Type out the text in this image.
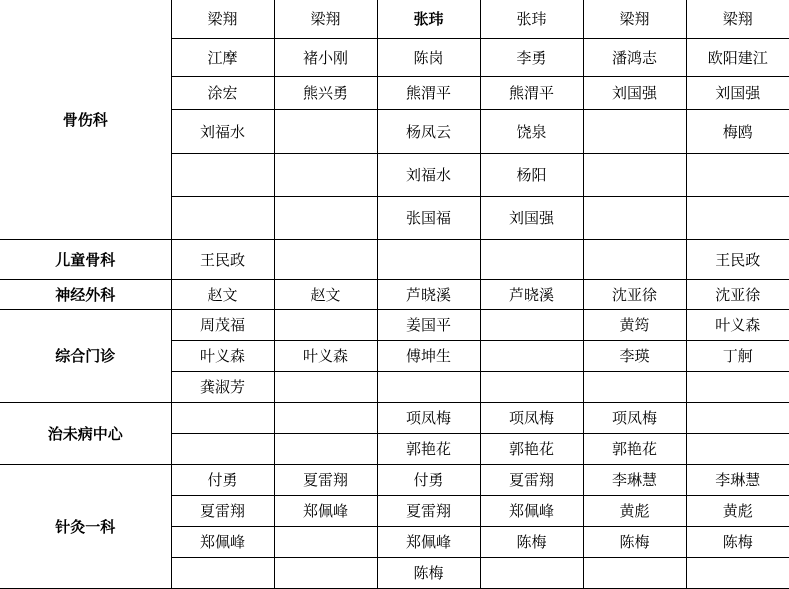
骨伤科	梁翔	梁翔	张玮	张玮	梁翔	梁翔
	江摩	褚小刚	陈岗	李勇	潘鸿志	欧阳建江
	涂宏	熊兴勇	熊渭平	熊渭平	刘国强	刘国强
	刘福水		杨凤云	饶泉		梅鸥
			刘福水	杨阳		
			张国福	刘国强		
儿童骨科	王民政					王民政
神经外科	赵文	赵文	芦晓溪	芦晓溪	沈亚徐	沈亚徐
综合门诊	周茂福		姜国平		黄筠	叶义森
	叶义森	叶义森	傅坤生		李瑛	丁舸
	龚淑芳					
治未病中心			项凤梅	项凤梅	项凤梅	
			郭艳花	郭艳花	郭艳花	
针灸一科	付勇	夏雷翔	付勇	夏雷翔	李琳慧	李琳慧
	夏雷翔	郑佩峰	夏雷翔	郑佩峰	黄彪	黄彪
	郑佩峰		郑佩峰	陈梅	陈梅	陈梅
			陈梅			
